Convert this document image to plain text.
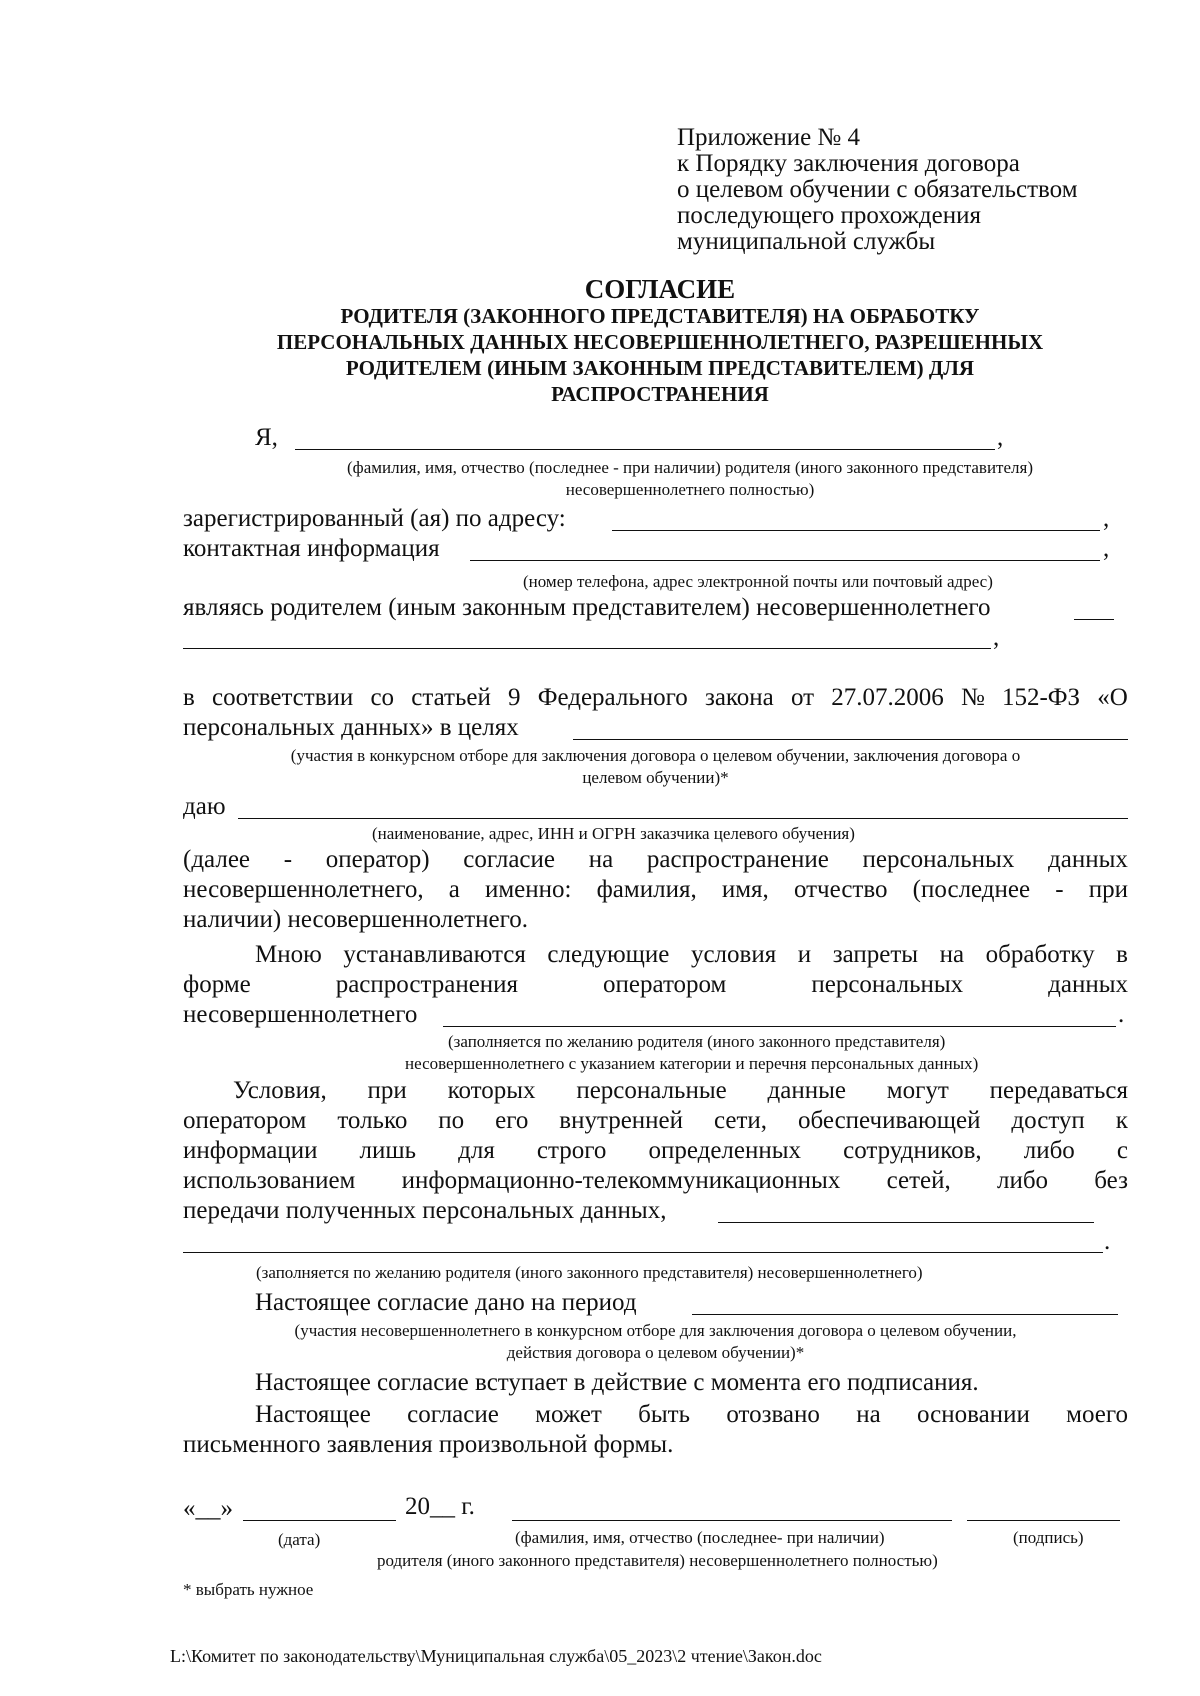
Приложение № 4
к Порядку заключения договора
о целевом обучении с обязательством
последующего прохождения
муниципальной службы
СОГЛАСИЕ
РОДИТЕЛЯ (ЗАКОННОГО ПРЕДСТАВИТЕЛЯ) НА ОБРАБОТКУ
ПЕРСОНАЛЬНЫХ ДАННЫХ НЕСОВЕРШЕННОЛЕТНЕГО, РАЗРЕШЕННЫХ
РОДИТЕЛЕМ (ИНЫМ ЗАКОННЫМ ПРЕДСТАВИТЕЛЕМ) ДЛЯ
РАСПРОСТРАНЕНИЯ
Я,	,
(фамилия, имя, отчество (последнее - при наличии) родителя (иного законного представителя)
несовершеннолетнего полностью)
зарегистрированный (ая) по адресу:	,
контактная информация	,
(номер телефона, адрес электронной почты или почтовый адрес)
являясь родителем (иным законным представителем) несовершеннолетнего
,
в соответствии со статьей 9 Федерального закона от 27.07.2006 № 152-ФЗ «О
персональных данных» в целях
(участия в конкурсном отборе для заключения договора о целевом обучении, заключения договора о
целевом обучении)*
даю
(наименование, адрес, ИНН и ОГРН заказчика целевого обучения)
(далее - оператор) согласие на распространение персональных данных
несовершеннолетнего, а именно: фамилия, имя, отчество (последнее - при
наличии) несовершеннолетнего.
Мною устанавливаются следующие условия и запреты на обработку в
форме	распространения	оператором	персональных	данных
несовершеннолетнего	.
(заполняется по желанию родителя (иного законного представителя)
несовершеннолетнего с указанием категории и перечня персональных данных)
Условия, при которых персональные данные могут передаваться
оператором только по его внутренней сети, обеспечивающей доступ к
информации лишь для строго определенных сотрудников, либо с
использованием информационно-телекоммуникационных сетей, либо без
передачи полученных персональных данных,
.
(заполняется по желанию родителя (иного законного представителя) несовершеннолетнего)
Настоящее согласие дано на период
(участия несовершеннолетнего в конкурсном отборе для заключения договора о целевом обучении,
действия договора о целевом обучении)*
Настоящее согласие вступает в действие с момента его подписания.
Настоящее согласие может быть отозвано на основании моего
письменного заявления произвольной формы.
«__»	20__ г.
(дата)	(фамилия, имя, отчество (последнее- при наличии)	(подпись)
родителя (иного законного представителя) несовершеннолетнего полностью)
* выбрать нужное
L:\Комитет по законодательству\Муниципальная служба\05_2023\2 чтение\Закон.doc
